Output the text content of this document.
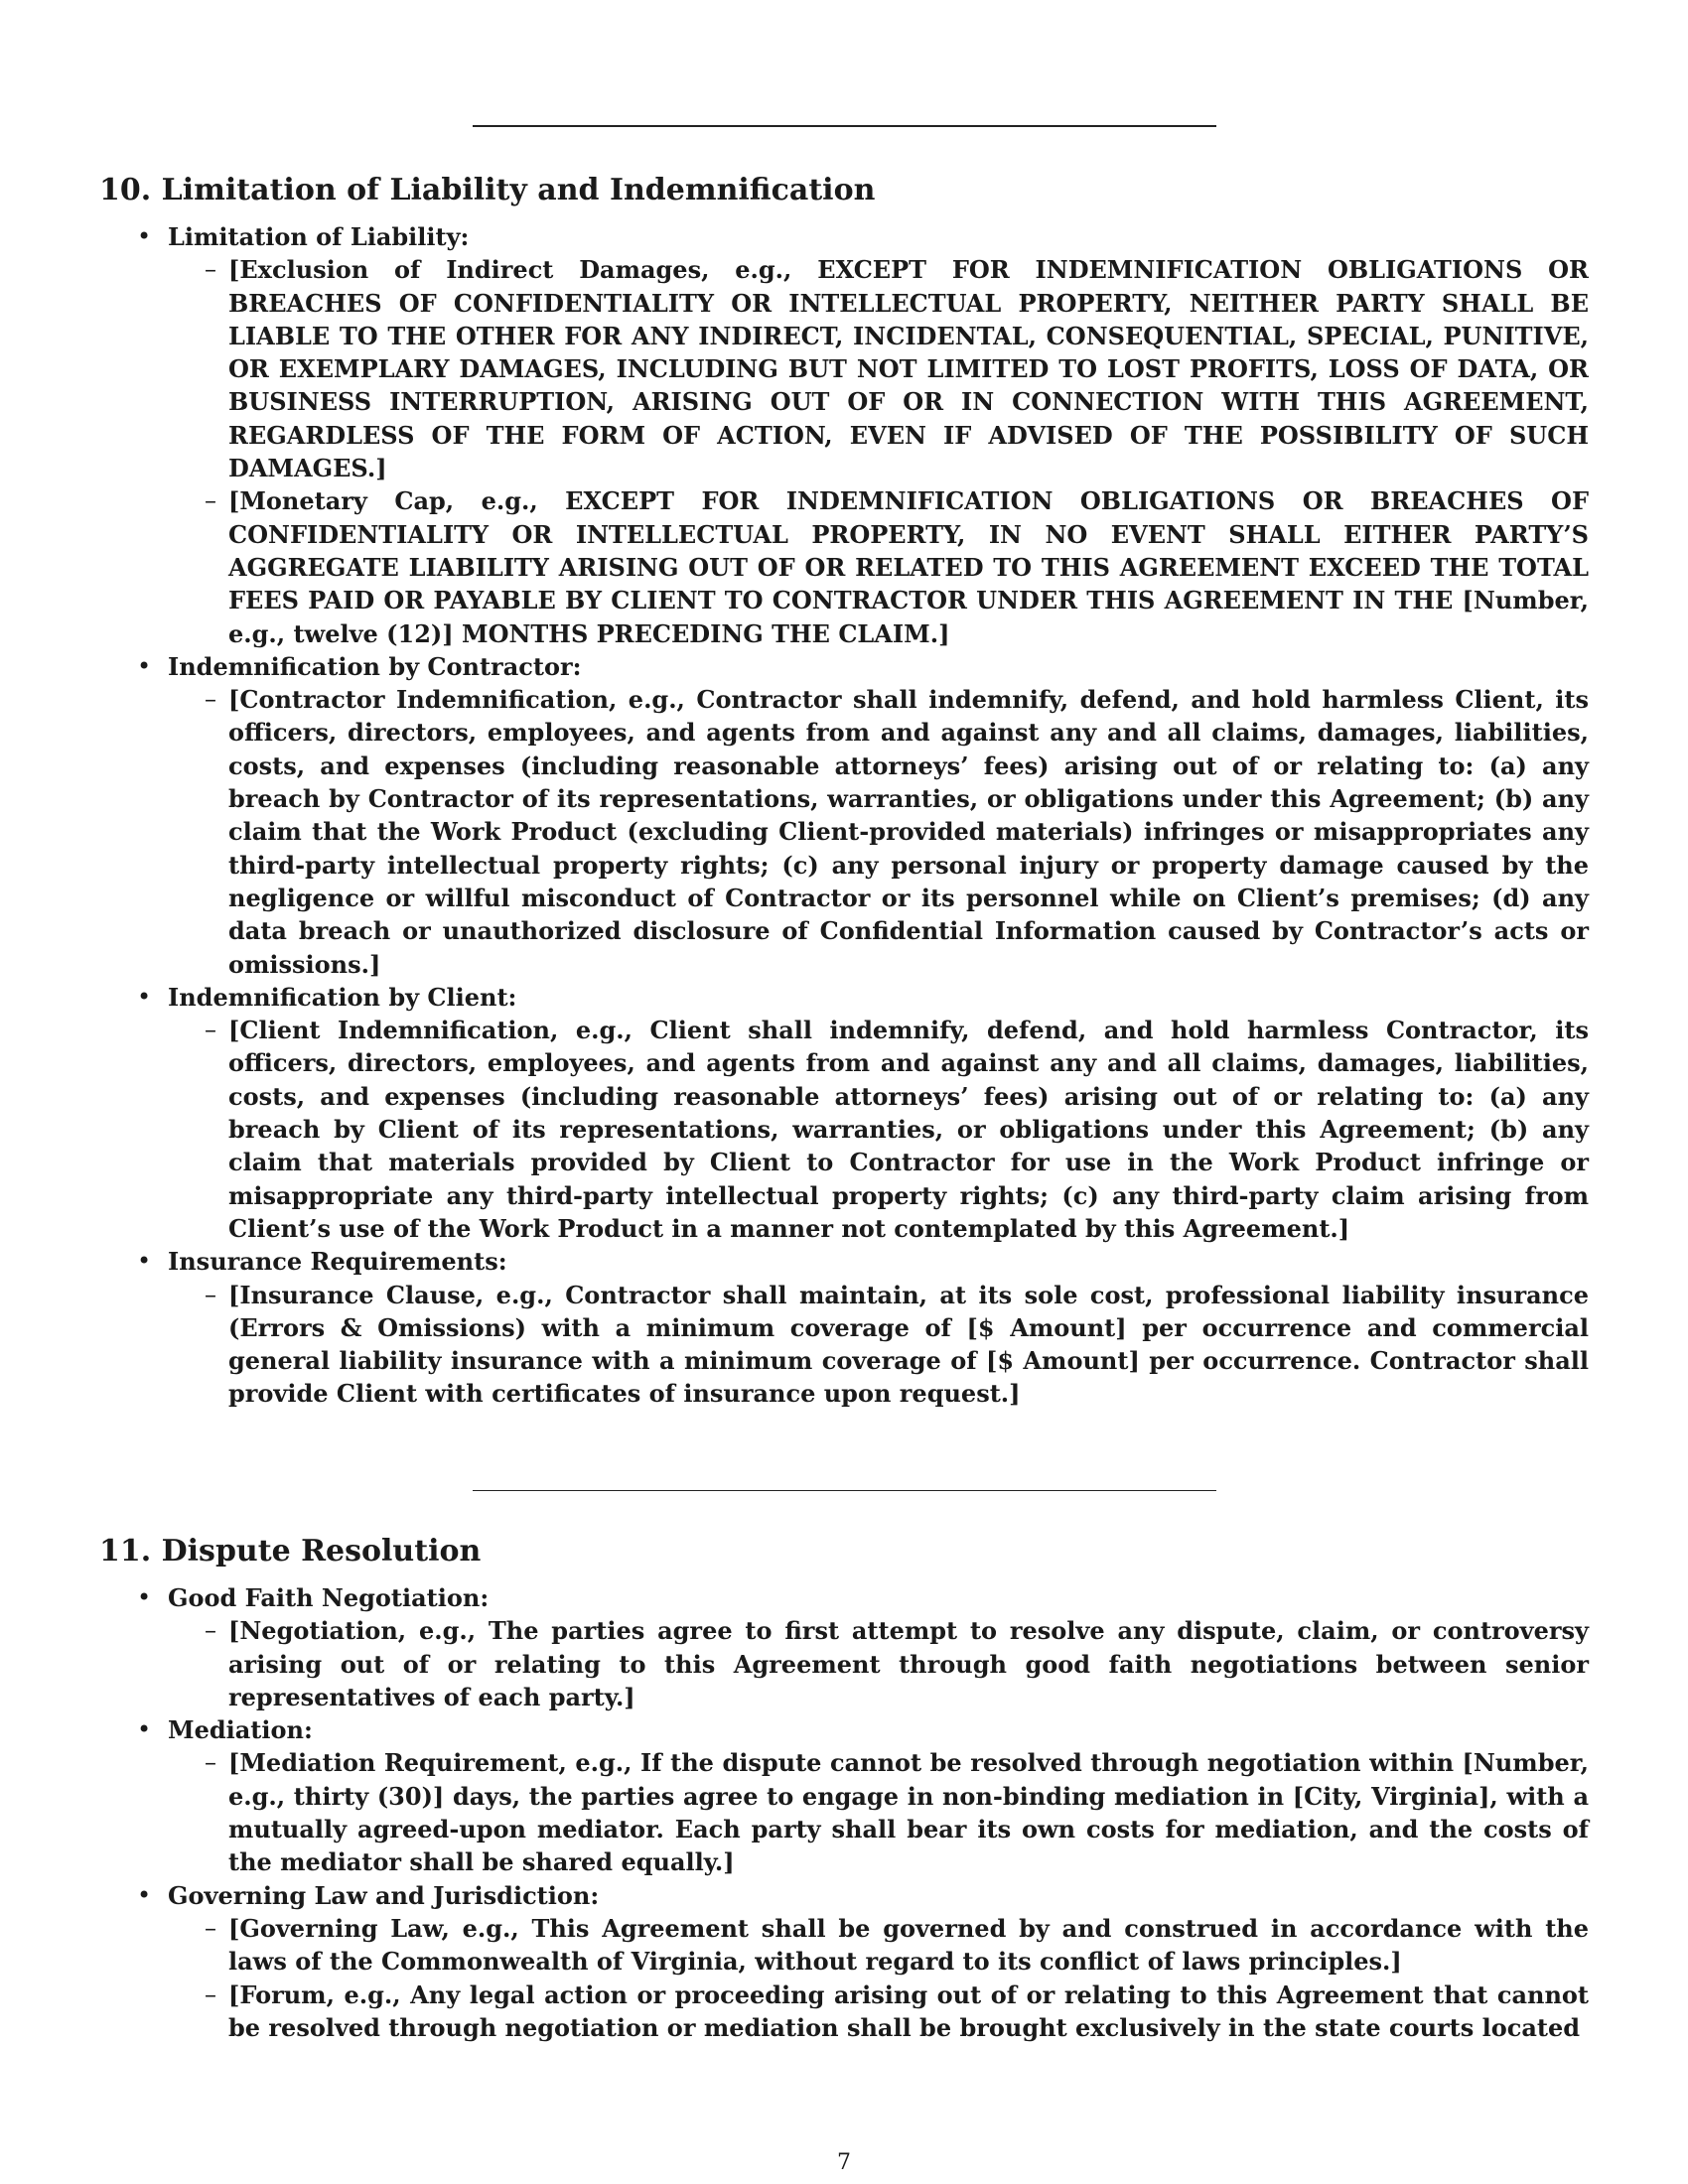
10. Limitation of Liability and Indemnification
• Limitation of Liability:
– [Exclusion of Indirect Damages, e.g., EXCEPT FOR INDEMNIFICATION OBLIGATIONS OR BREACHES OF CONFIDENTIALITY OR INTELLECTUAL PROPERTY, NEITHER PARTY SHALL BE LIABLE TO THE OTHER FOR ANY INDIRECT, INCIDENTAL, CONSEQUENTIAL, SPECIAL, PUNITIVE, OR EXEMPLARY DAMAGES, INCLUDING BUT NOT LIMITED TO LOST PROFITS, LOSS OF DATA, OR BUSINESS INTERRUPTION, ARISING OUT OF OR IN CONNECTION WITH THIS AGREEMENT, REGARDLESS OF THE FORM OF ACTION, EVEN IF ADVISED OF THE POSSIBILITY OF SUCH DAMAGES.]
– [Monetary Cap, e.g., EXCEPT FOR INDEMNIFICATION OBLIGATIONS OR BREACHES OF CONFIDENTIALITY OR INTELLECTUAL PROPERTY, IN NO EVENT SHALL EITHER PARTY’S AGGREGATE LIABILITY ARISING OUT OF OR RELATED TO THIS AGREEMENT EXCEED THE TOTAL FEES PAID OR PAYABLE BY CLIENT TO CONTRACTOR UNDER THIS AGREEMENT IN THE [Number, e.g., twelve (12)] MONTHS PRECEDING THE CLAIM.]
• Indemnification by Contractor:
– [Contractor Indemnification, e.g., Contractor shall indemnify, defend, and hold harmless Client, its officers, directors, employees, and agents from and against any and all claims, damages, liabilities, costs, and expenses (including reasonable attorneys’ fees) arising out of or relating to: (a) any breach by Contractor of its representations, warranties, or obligations under this Agreement; (b) any claim that the Work Product (excluding Client-provided materials) infringes or misappropriates any third-party intellectual property rights; (c) any personal injury or property damage caused by the negligence or willful misconduct of Contractor or its personnel while on Client’s premises; (d) any data breach or unauthorized disclosure of Confidential Information caused by Contractor’s acts or omissions.]
• Indemnification by Client:
– [Client Indemnification, e.g., Client shall indemnify, defend, and hold harmless Contractor, its officers, directors, employees, and agents from and against any and all claims, damages, liabilities, costs, and expenses (including reasonable attorneys’ fees) arising out of or relating to: (a) any breach by Client of its representations, warranties, or obligations under this Agreement; (b) any claim that materials provided by Client to Contractor for use in the Work Product infringe or misappropriate any third-party intellectual property rights; (c) any third-party claim arising from Client’s use of the Work Product in a manner not contemplated by this Agreement.]
• Insurance Requirements:
– [Insurance Clause, e.g., Contractor shall maintain, at its sole cost, professional liability insurance (Errors & Omissions) with a minimum coverage of [$ Amount] per occurrence and commercial general liability insurance with a minimum coverage of [$ Amount] per occurrence. Contractor shall provide Client with certificates of insurance upon request.]
11. Dispute Resolution
• Good Faith Negotiation:
– [Negotiation, e.g., The parties agree to first attempt to resolve any dispute, claim, or controversy arising out of or relating to this Agreement through good faith negotiations between senior representatives of each party.]
• Mediation:
– [Mediation Requirement, e.g., If the dispute cannot be resolved through negotiation within [Number, e.g., thirty (30)] days, the parties agree to engage in non-binding mediation in [City, Virginia], with a mutually agreed-upon mediator. Each party shall bear its own costs for mediation, and the costs of the mediator shall be shared equally.]
• Governing Law and Jurisdiction:
– [Governing Law, e.g., This Agreement shall be governed by and construed in accordance with the laws of the Commonwealth of Virginia, without regard to its conflict of laws principles.]
– [Forum, e.g., Any legal action or proceeding arising out of or relating to this Agreement that cannot be resolved through negotiation or mediation shall be brought exclusively in the state courts located
7
